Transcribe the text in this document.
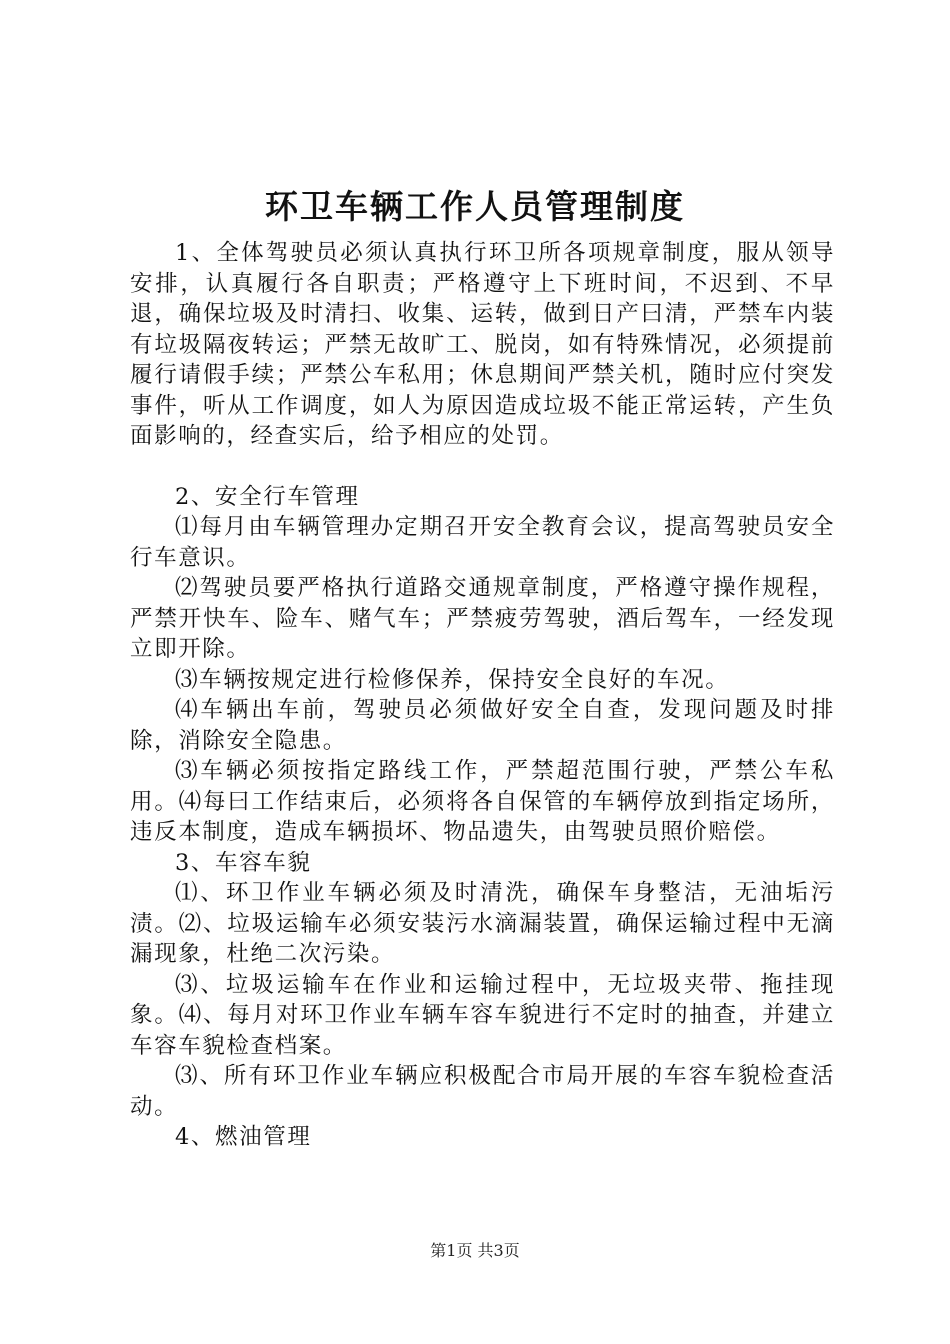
环卫车辆工作人员管理制度

1、全体驾驶员必须认真执行环卫所各项规章制度，服从领导安排，认真履行各自职责；严格遵守上下班时间，不迟到、不早退，确保垃圾及时清扫、收集、运转，做到日产曰清，严禁车内装有垃圾隔夜转运；严禁无故旷工、脱岗，如有特殊情况，必须提前履行请假手续；严禁公车私用；休息期间严禁关机，随时应付突发事件，听从工作调度，如人为原因造成垃圾不能正常运转，产生负面影响的，经查实后，给予相应的处罚。

2、安全行车管理

⑴每月由车辆管理办定期召开安全教育会议，提高驾驶员安全行车意识。

⑵驾驶员要严格执行道路交通规章制度，严格遵守操作规程，严禁开快车、险车、赌气车；严禁疲劳驾驶，酒后驾车，一经发现立即开除。

⑶车辆按规定进行检修保养，保持安全良好的车况。

⑷车辆出车前，驾驶员必须做好安全自查，发现问题及时排除，消除安全隐患。

⑶车辆必须按指定路线工作，严禁超范围行驶，严禁公车私用。⑷每曰工作结束后，必须将各自保管的车辆停放到指定场所，违反本制度，造成车辆损坏、物品遗失，由驾驶员照价赔偿。

3、车容车貌

⑴、环卫作业车辆必须及时清洗，确保车身整洁，无油垢污渍。⑵、垃圾运输车必须安装污水滴漏装置，确保运输过程中无滴漏现象，杜绝二次污染。

⑶、垃圾运输车在作业和运输过程中，无垃圾夹带、拖挂现象。⑷、每月对环卫作业车辆车容车貌进行不定时的抽查，并建立车容车貌检查档案。

⑶、所有环卫作业车辆应积极配合市局开展的车容车貌检查活动。

4、燃油管理

第1页 共3页
